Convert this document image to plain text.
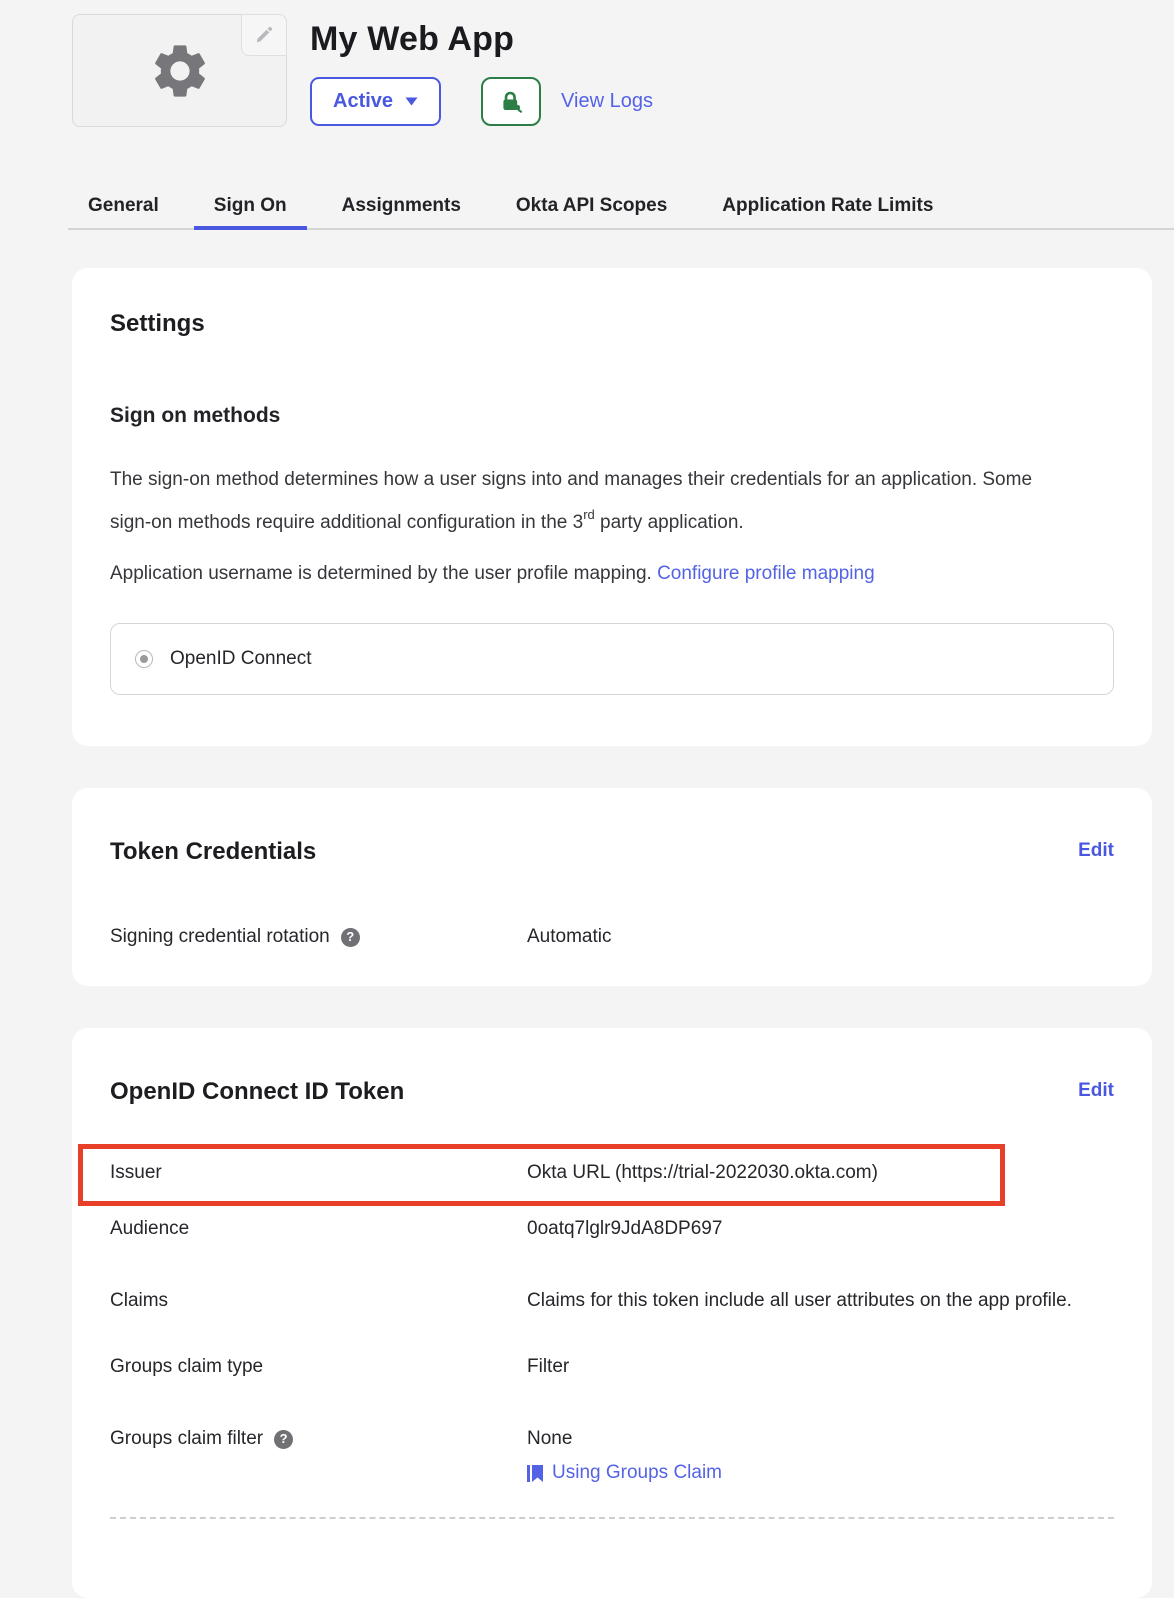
My Web App
Active	View Logs
General	Sign On	Assignments	Okta API Scopes	Application Rate Limits
Settings
Sign on methods

The sign-on method determines how a user signs into and manages their credentials for an application. Some sign-on methods require additional configuration in the 3rd party application.

Application username is determined by the user profile mapping. Configure profile mapping

OpenID Connect
Token Credentials	Edit
Signing credential rotation	?	Automatic
OpenID Connect ID Token	Edit
Issuer	Okta URL (https://trial-2022030.okta.com)
Audience	0oatq7lglr9JdA8DP697
Claims	Claims for this token include all user attributes on the app profile.
Groups claim type	Filter
Groups claim filter	?	None
Using Groups Claim
